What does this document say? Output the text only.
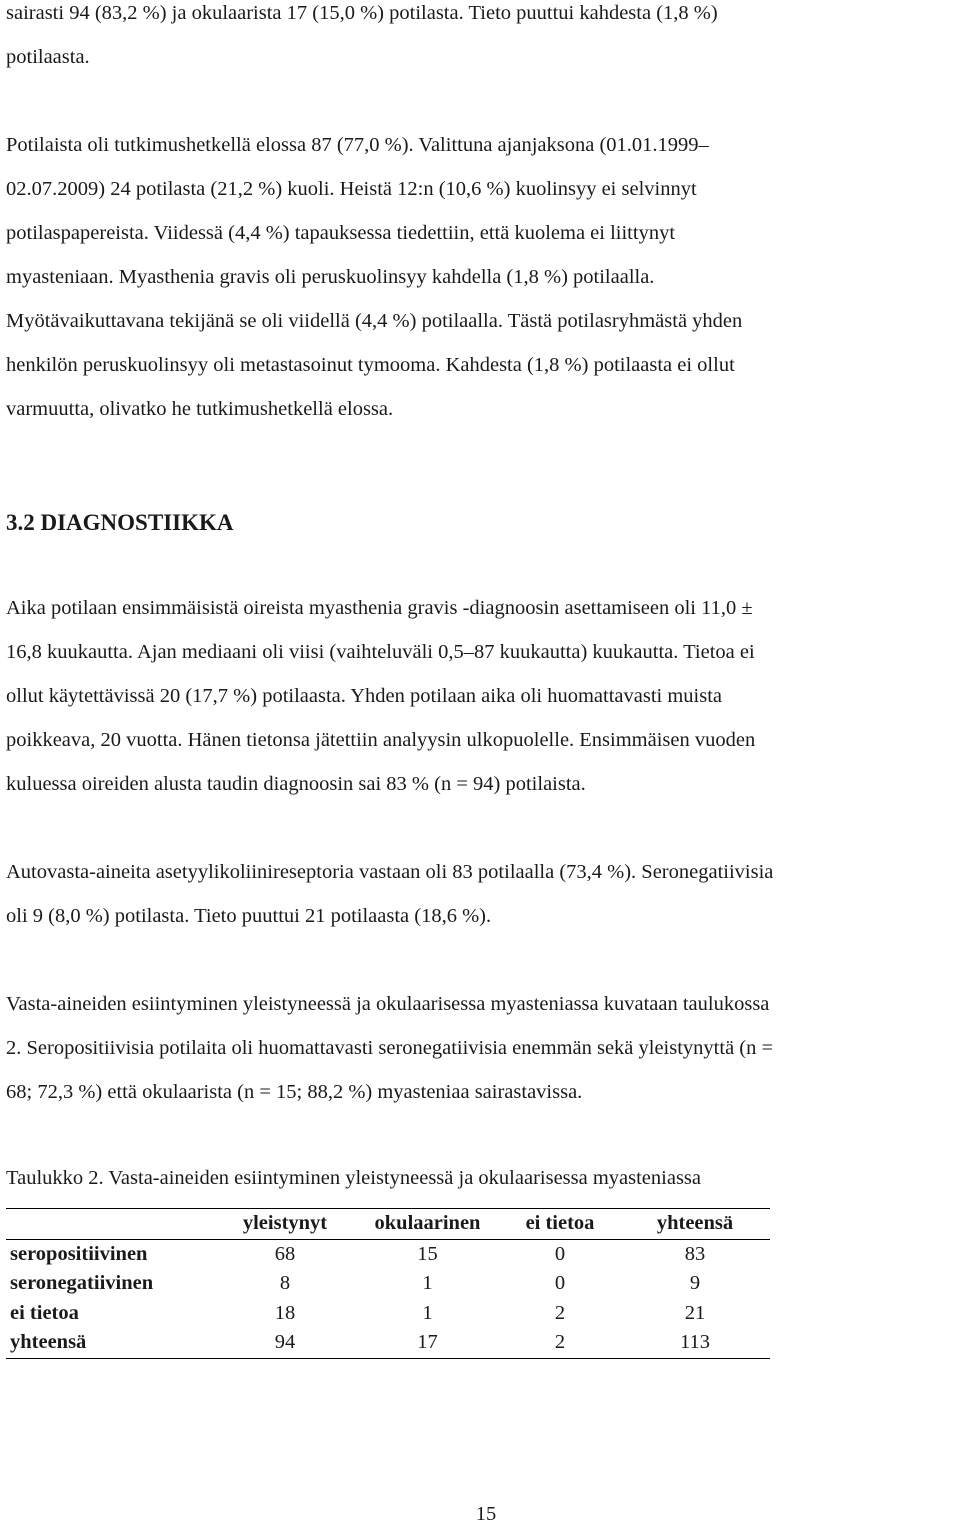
sairasti 94 (83,2 %) ja okulaarista 17 (15,0 %) potilasta. Tieto puuttui kahdesta (1,8 %)

potilaasta.

Potilaista oli tutkimushetkellä elossa 87 (77,0 %). Valittuna ajanjaksona (01.01.1999–

02.07.2009) 24 potilasta (21,2 %) kuoli. Heistä 12:n (10,6 %) kuolinsyy ei selvinnyt

potilaspapereista. Viidessä (4,4 %) tapauksessa tiedettiin, että kuolema ei liittynyt

myasteniaan. Myasthenia gravis oli peruskuolinsyy kahdella (1,8 %) potilaalla.

Myötävaikuttavana tekijänä se oli viidellä (4,4 %) potilaalla. Tästä potilasryhmästä yhden

henkilön peruskuolinsyy oli metastasoinut tymooma. Kahdesta (1,8 %) potilaasta ei ollut

varmuutta, olivatko he tutkimushetkellä elossa.

3.2 DIAGNOSTIIKKA

Aika potilaan ensimmäisistä oireista myasthenia gravis -diagnoosin asettamiseen oli 11,0 ±

16,8 kuukautta. Ajan mediaani oli viisi (vaihteluväli 0,5–87 kuukautta) kuukautta. Tietoa ei

ollut käytettävissä 20 (17,7 %) potilaasta. Yhden potilaan aika oli huomattavasti muista

poikkeava, 20 vuotta. Hänen tietonsa jätettiin analyysin ulkopuolelle. Ensimmäisen vuoden

kuluessa oireiden alusta taudin diagnoosin sai 83 % (n = 94) potilaista.

Autovasta-aineita asetyylikoliinireseptoria vastaan oli 83 potilaalla (73,4 %). Seronegatiivisia

oli 9 (8,0 %) potilasta. Tieto puuttui 21 potilaasta (18,6 %).

Vasta-aineiden esiintyminen yleistyneessä ja okulaarisessa myasteniassa kuvataan taulukossa

2. Seropositiivisia potilaita oli huomattavasti seronegatiivisia enemmän sekä yleistynyttä (n =

68; 72,3 %) että okulaarista (n = 15; 88,2 %) myasteniaa sairastavissa.

Taulukko 2. Vasta-aineiden esiintyminen yleistyneessä ja okulaarisessa myasteniassa
	yleistynyt	okulaarinen	ei tietoa	yhteensä
seropositiivinen	68	15	0	83
seronegatiivinen	8	1	0	9
ei tietoa	18	1	2	21
yhteensä	94	17	2	113
15
